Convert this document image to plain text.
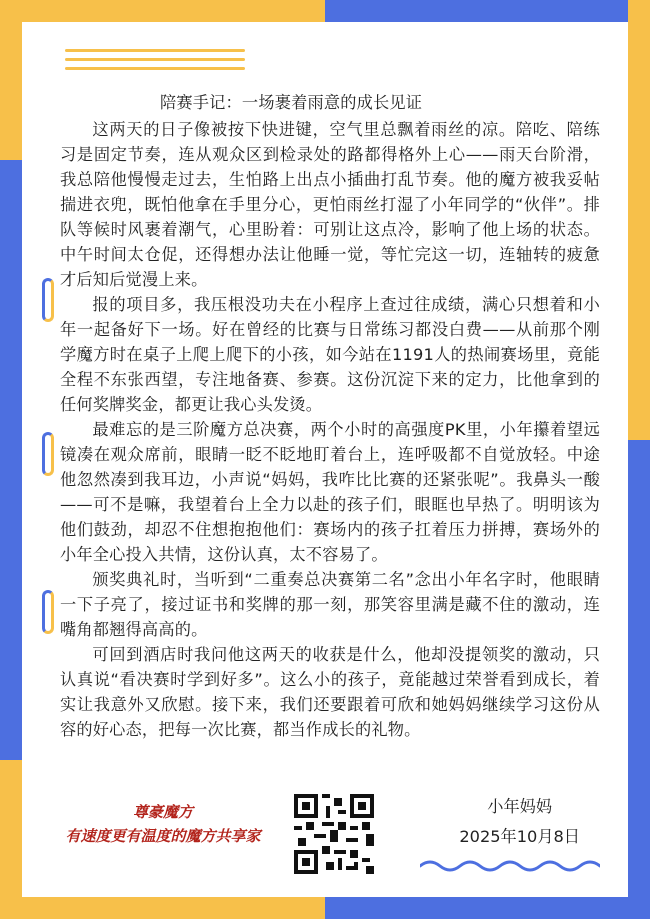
陪赛手记：一场裹着雨意的成长见证

这两天的日子像被按下快进键，空气里总飘着雨丝的凉。陪吃、陪练习是固定节奏，连从观众区到检录处的路都得格外上心——雨天台阶滑，我总陪他慢慢走过去，生怕路上出点小插曲打乱节奏。他的魔方被我妥帖揣进衣兜，既怕他拿在手里分心，更怕雨丝打湿了小年同学的“伙伴”。排队等候时风裹着潮气，心里盼着：可别让这点冷，影响了他上场的状态。中午时间太仓促，还得想办法让他睡一觉，等忙完这一切，连轴转的疲惫才后知后觉漫上来。

报的项目多，我压根没功夫在小程序上查过往成绩，满心只想着和小年一起备好下一场。好在曾经的比赛与日常练习都没白费——从前那个刚学魔方时在桌子上爬上爬下的小孩，如今站在1191人的热闹赛场里，竟能全程不东张西望，专注地备赛、参赛。这份沉淀下来的定力，比他拿到的任何奖牌奖金，都更让我心头发烫。

最难忘的是三阶魔方总决赛，两个小时的高强度PK里，小年攥着望远镜凑在观众席前，眼睛一眨不眨地盯着台上，连呼吸都不自觉放轻。中途他忽然凑到我耳边，小声说“妈妈，我咋比比赛的还紧张呢”。我鼻头一酸——可不是嘛，我望着台上全力以赴的孩子们，眼眶也早热了。明明该为他们鼓劲，却忍不住想抱抱他们：赛场内的孩子扛着压力拼搏，赛场外的小年全心投入共情，这份认真，太不容易了。

颁奖典礼时，当听到“二重奏总决赛第二名”念出小年名字时，他眼睛一下子亮了，接过证书和奖牌的那一刻，那笑容里满是藏不住的激动，连嘴角都翘得高高的。

可回到酒店时我问他这两天的收获是什么，他却没提领奖的激动，只认真说“看决赛时学到好多”。这么小的孩子，竟能越过荣誉看到成长，着实让我意外又欣慰。接下来，我们还要跟着可欣和她妈妈继续学习这份从容的好心态，把每一次比赛，都当作成长的礼物。

尊豪魔方
有速度更有温度的魔方共享家
小年妈妈
2025年10月8日
